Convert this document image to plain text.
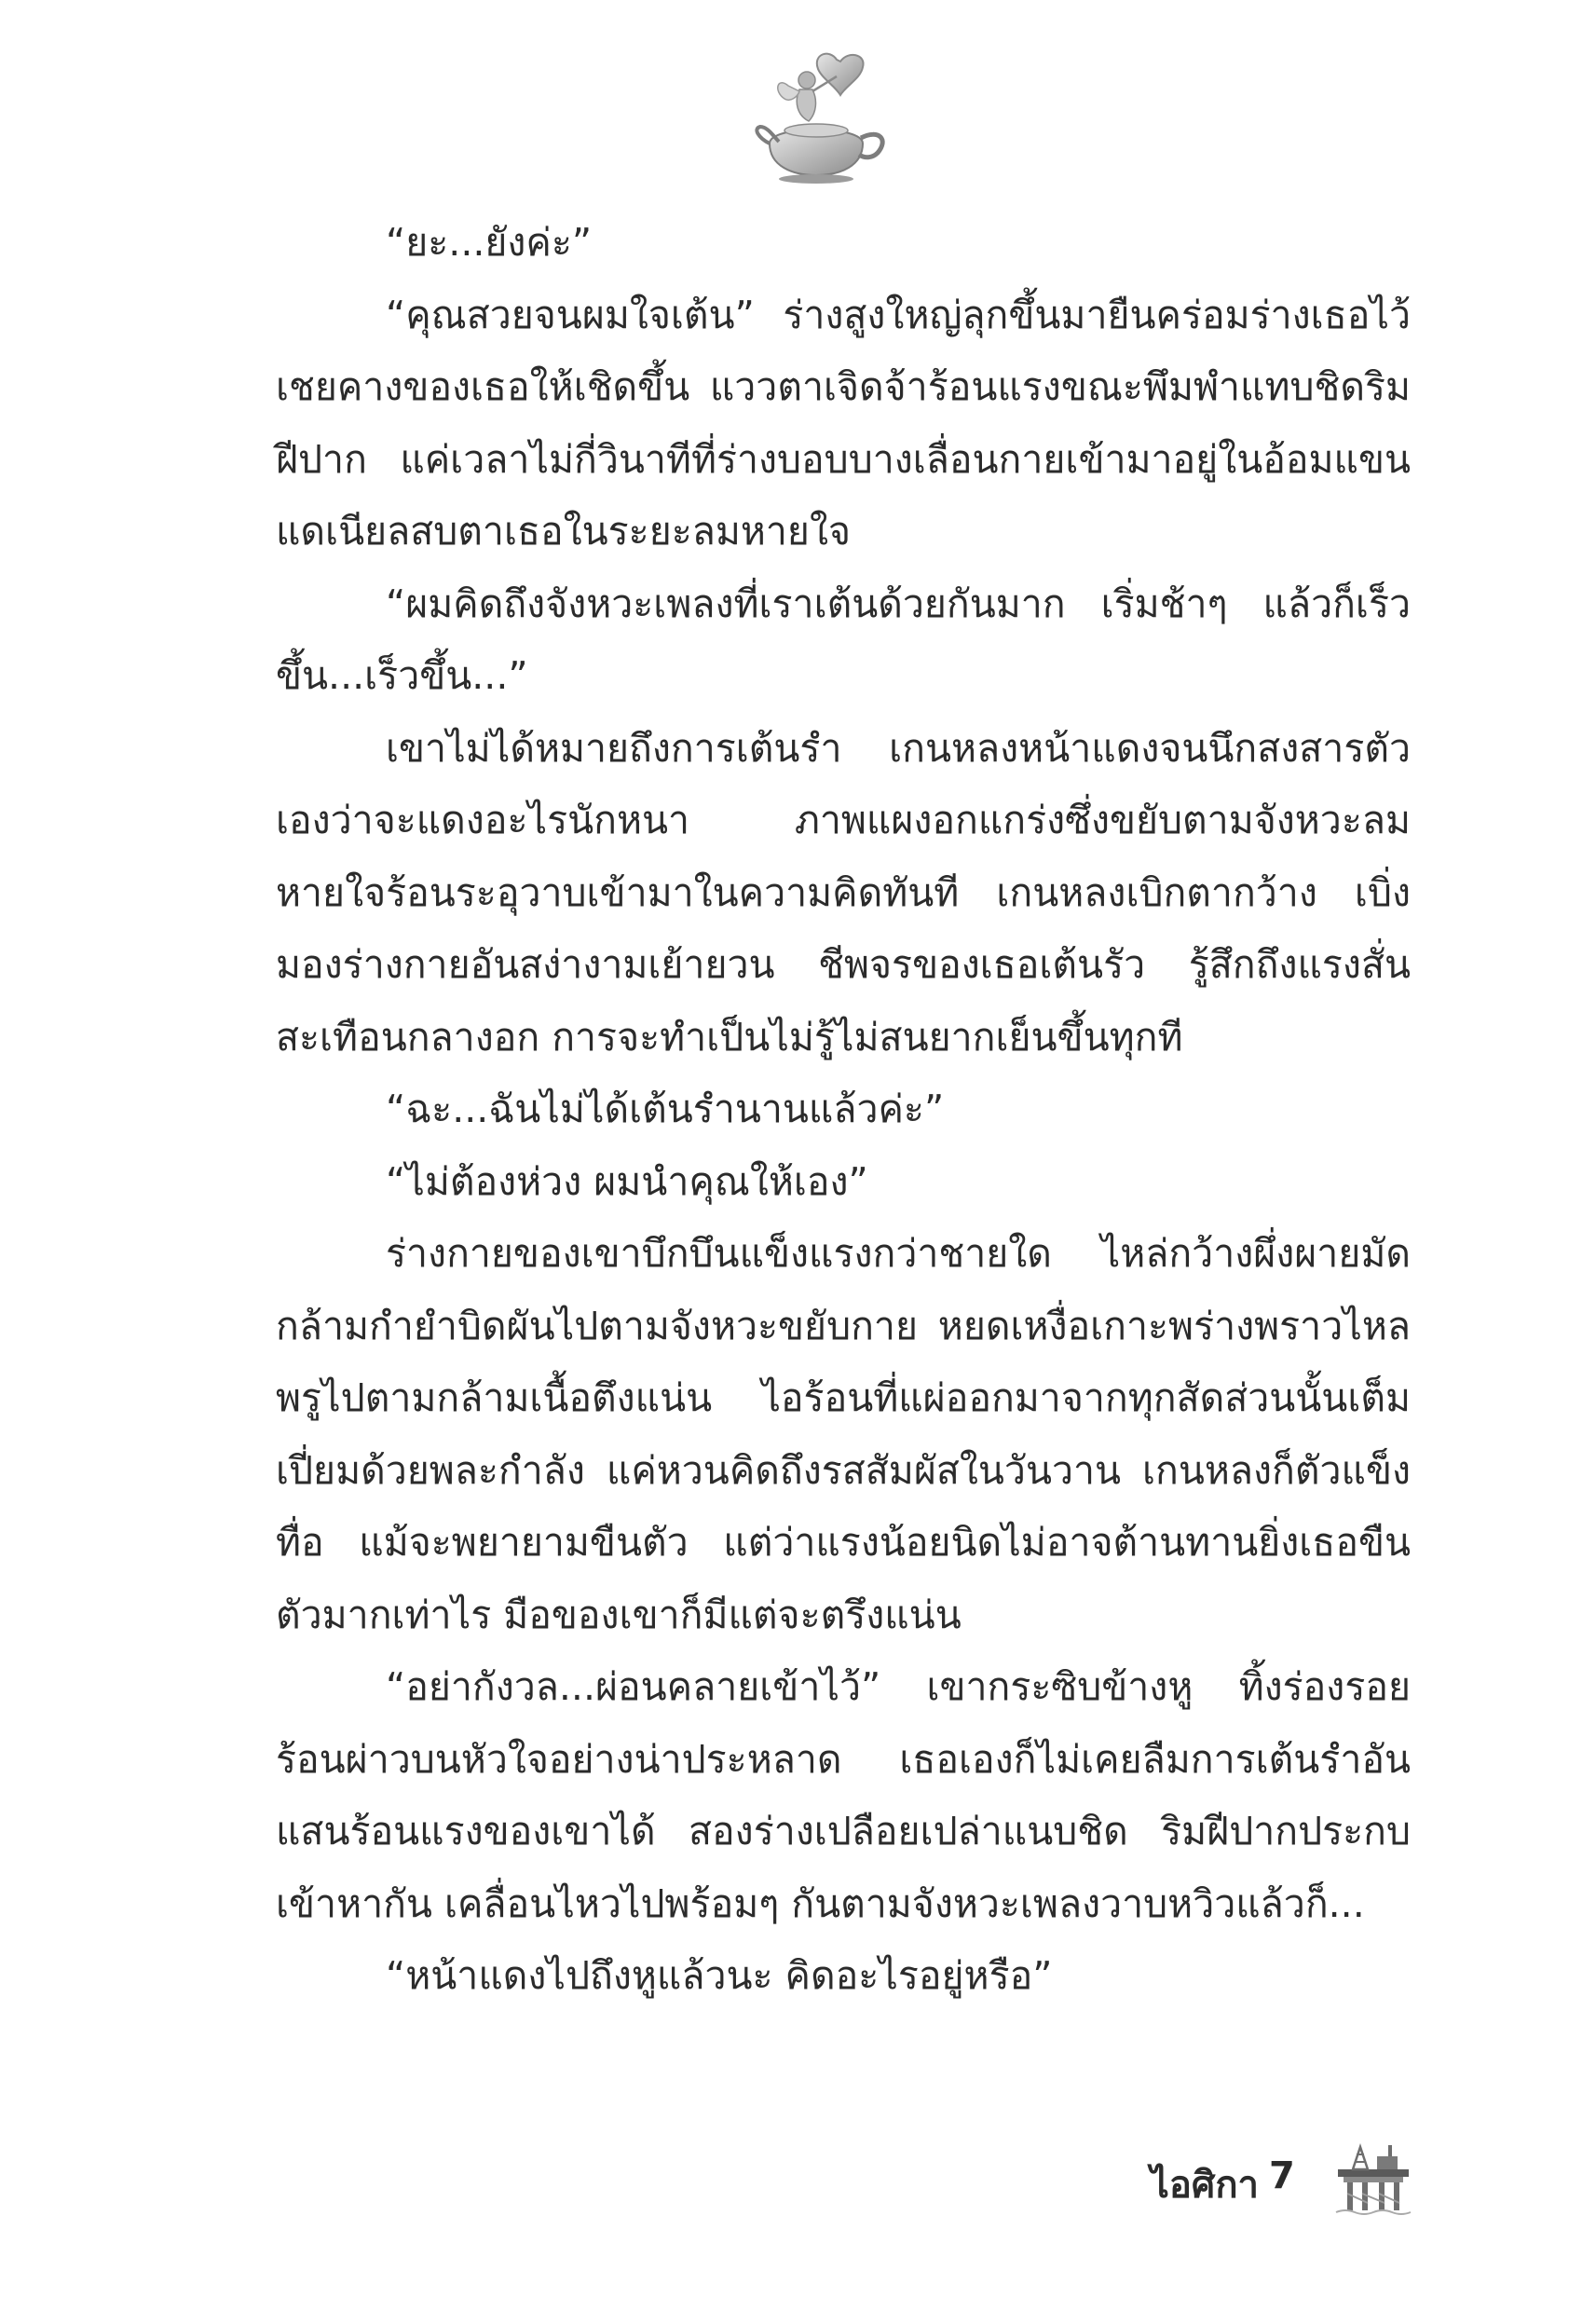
“ยะ...ยังค่ะ”

“คุณสวยจนผมใจเต้น” ร่างสูงใหญ่ลุกขึ้นมายืนคร่อมร่างเธอไว้ เชยคางของเธอให้เชิดขึ้น แววตาเจิดจ้าร้อนแรงขณะพึมพำแทบชิดริมฝีปาก แค่เวลาไม่กี่วินาทีที่ร่างบอบบางเลื่อนกายเข้ามาอยู่ในอ้อมแขนแดเนียลสบตาเธอในระยะลมหายใจ

“ผมคิดถึงจังหวะเพลงที่เราเต้นด้วยกันมาก เริ่มช้าๆ แล้วก็เร็วขึ้น...เร็วขึ้น...”

เขาไม่ได้หมายถึงการเต้นรำ เกนหลงหน้าแดงจนนึกสงสารตัวเองว่าจะแดงอะไรนักหนา ภาพแผงอกแกร่งซึ่งขยับตามจังหวะลมหายใจร้อนระอุวาบเข้ามาในความคิดทันที เกนหลงเบิกตากว้าง เบิ่งมองร่างกายอันสง่างามเย้ายวน ชีพจรของเธอเต้นรัว รู้สึกถึงแรงสั่นสะเทือนกลางอก การจะทำเป็นไม่รู้ไม่สนยากเย็นขึ้นทุกที

“ฉะ...ฉันไม่ได้เต้นรำนานแล้วค่ะ”

“ไม่ต้องห่วง ผมนำคุณให้เอง”

ร่างกายของเขาบึกบึนแข็งแรงกว่าชายใด ไหล่กว้างผึ่งผายมัดกล้ามกำยำบิดผันไปตามจังหวะขยับกาย หยดเหงื่อเกาะพร่างพราวไหลพรูไปตามกล้ามเนื้อตึงแน่น ไอร้อนที่แผ่ออกมาจากทุกสัดส่วนนั้นเต็มเปี่ยมด้วยพละกำลัง แค่หวนคิดถึงรสสัมผัสในวันวาน เกนหลงก็ตัวแข็งทื่อ แม้จะพยายามขืนตัว แต่ว่าแรงน้อยนิดไม่อาจต้านทานยิ่งเธอขืนตัวมากเท่าไร มือของเขาก็มีแต่จะตรึงแน่น

“อย่ากังวล...ผ่อนคลายเข้าไว้” เขากระซิบข้างหู ทิ้งร่องรอยร้อนผ่าวบนหัวใจอย่างน่าประหลาด เธอเองก็ไม่เคยลืมการเต้นรำอันแสนร้อนแรงของเขาได้ สองร่างเปลือยเปล่าแนบชิด ริมฝีปากประกบเข้าหากัน เคลื่อนไหวไปพร้อมๆ กันตามจังหวะเพลงวาบหวิวแล้วก็...

“หน้าแดงไปถึงหูแล้วนะ คิดอะไรอยู่หรือ”

ไอศิกา 7
